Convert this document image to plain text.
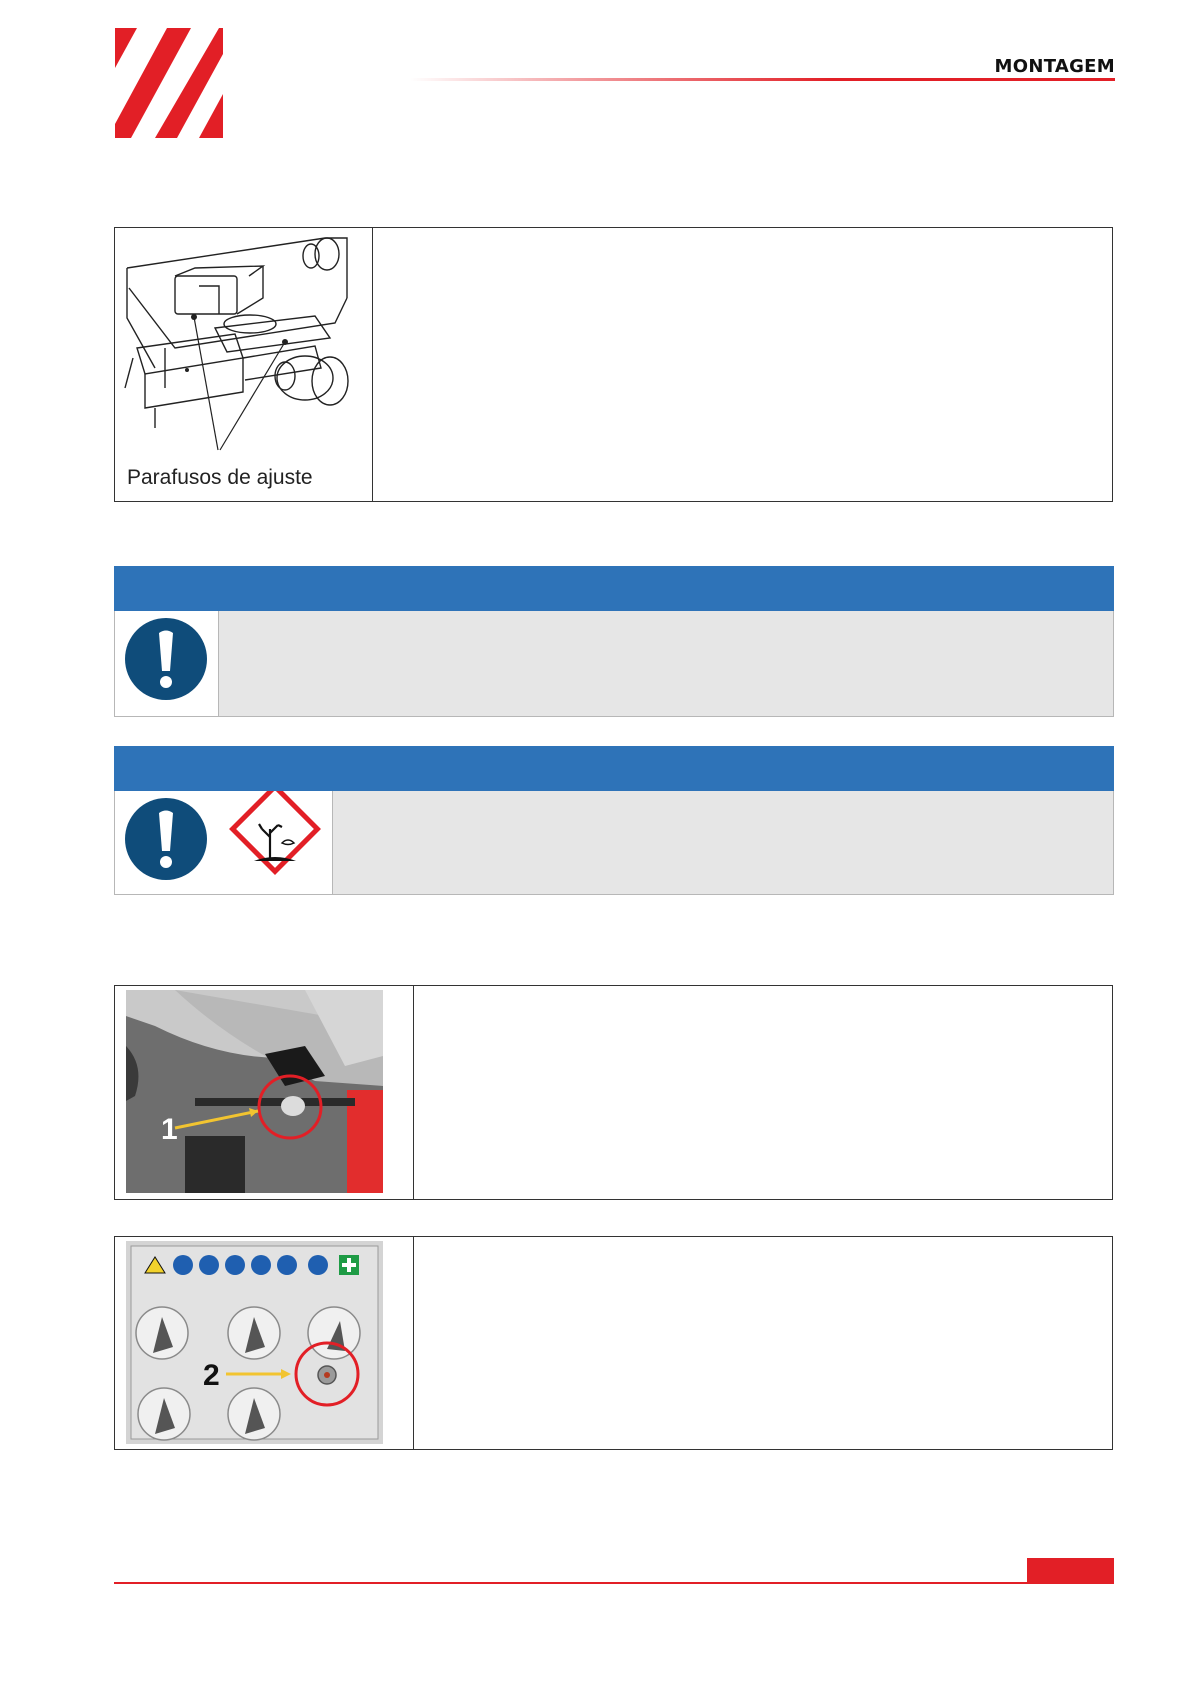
MONTAGEM
Parafusos de ajuste
1
2
